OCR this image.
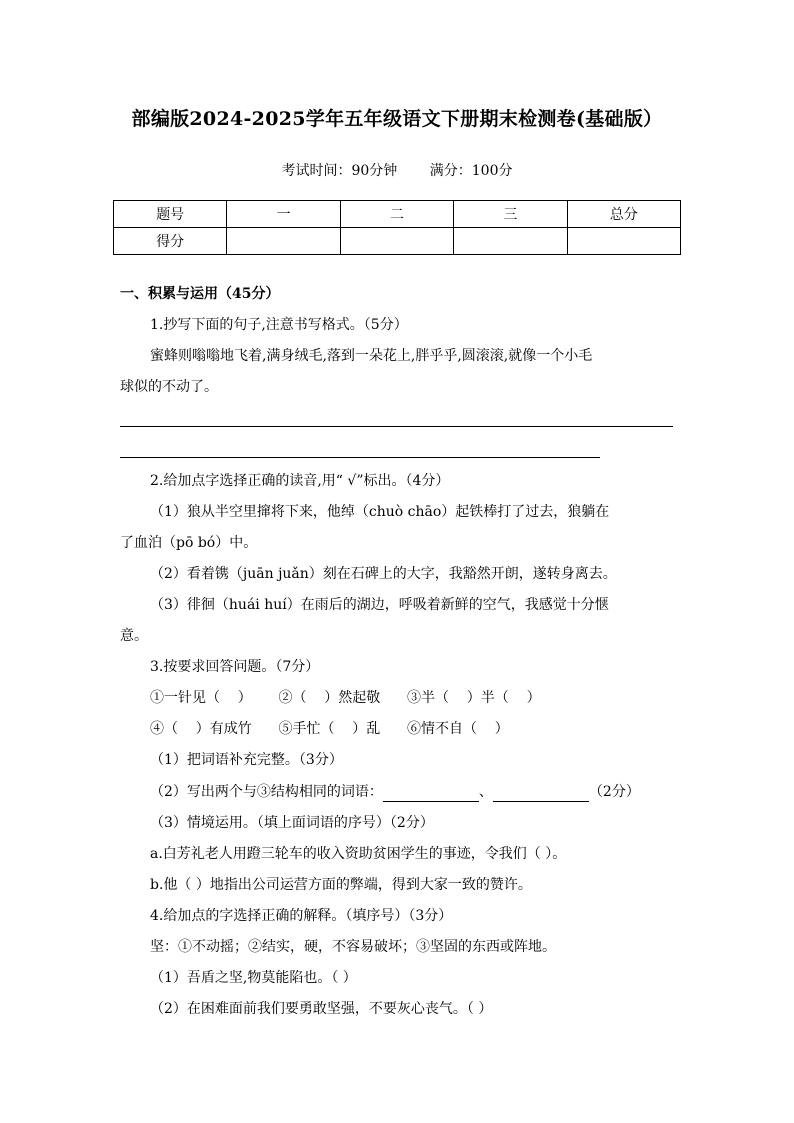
部编版2024-2025学年五年级语文下册期末检测卷(基础版）
考试时间：90分钟 满分：100分
题号	一	二	三	总分
得分				
一、积累与运用（45分）
1.抄写下面的句子,注意书写格式。（5分）
蜜蜂则嗡嗡地飞着,满身绒毛,落到一朵花上,胖乎乎,圆滚滚,就像一个小毛
球似的不动了。
2.给加点字选择正确的读音,用“ √”标出。（4分）
（1）狼从半空里撺将下来，他绰（chuò chāo）起铁棒打了过去，狼躺在
了血泊（pō bó）中。
（2）看着镌（juān juǎn）刻在石碑上的大字，我豁然开朗，遂转身离去。
（3）徘徊（huái huí）在雨后的湖边，呼吸着新鲜的空气，我感觉十分惬
意。
3.按要求回答问题。（7分）
①一针见（    ）      ②（    ）然起敬      ③半（    ）半（    ）
④（    ）有成竹      ⑤手忙（    ）乱      ⑥情不自（    ）
（1）把词语补充完整。（3分）
（2）写出两个与③结构相同的词语：	、	（2分）
（3）情境运用。（填上面词语的序号）（2分）
a.白芳礼老人用蹬三轮车的收入资助贫困学生的事迹，令我们（ ）。
b.他（ ）地指出公司运营方面的弊端，得到大家一致的赞许。
4.给加点的字选择正确的解释。（填序号）（3分）
坚：①不动摇；②结实，硬，不容易破坏；③坚固的东西或阵地。
（1）吾盾之坚,物莫能陷也。（ ）
（2）在困难面前我们要勇敢坚强，不要灰心丧气。（ ）
